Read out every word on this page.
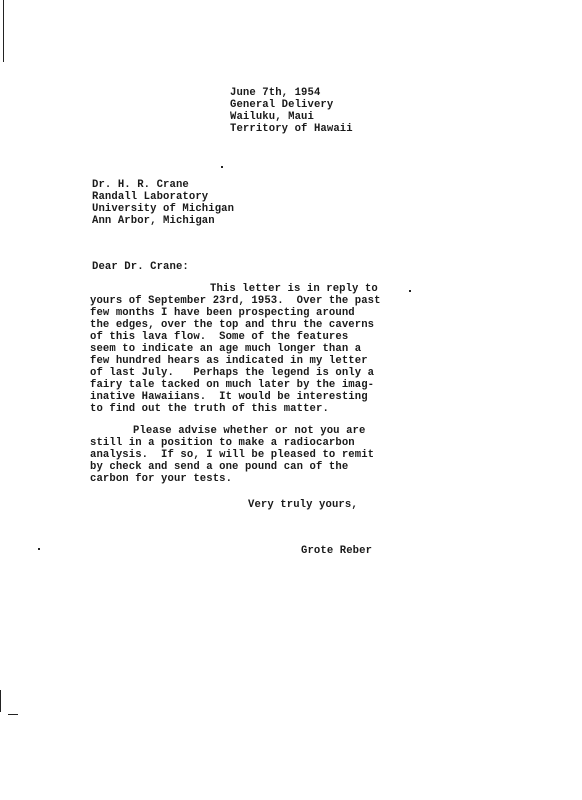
June 7th, 1954
General Delivery
Wailuku, Maui
Territory of Hawaii
Dr. H. R. Crane
Randall Laboratory
University of Michigan
Ann Arbor, Michigan
Dear Dr. Crane:
This letter is in reply to
yours of September 23rd, 1953.  Over the past
few months I have been prospecting around
the edges, over the top and thru the caverns
of this lava flow.  Some of the features
seem to indicate an age much longer than a
few hundred hears as indicated in my letter
of last July.   Perhaps the legend is only a
fairy tale tacked on much later by the imag-
inative Hawaiians.  It would be interesting
to find out the truth of this matter.
Please advise whether or not you are
still in a position to make a radiocarbon
analysis.  If so, I will be pleased to remit
by check and send a one pound can of the
carbon for your tests.
Very truly yours,
Grote Reber
